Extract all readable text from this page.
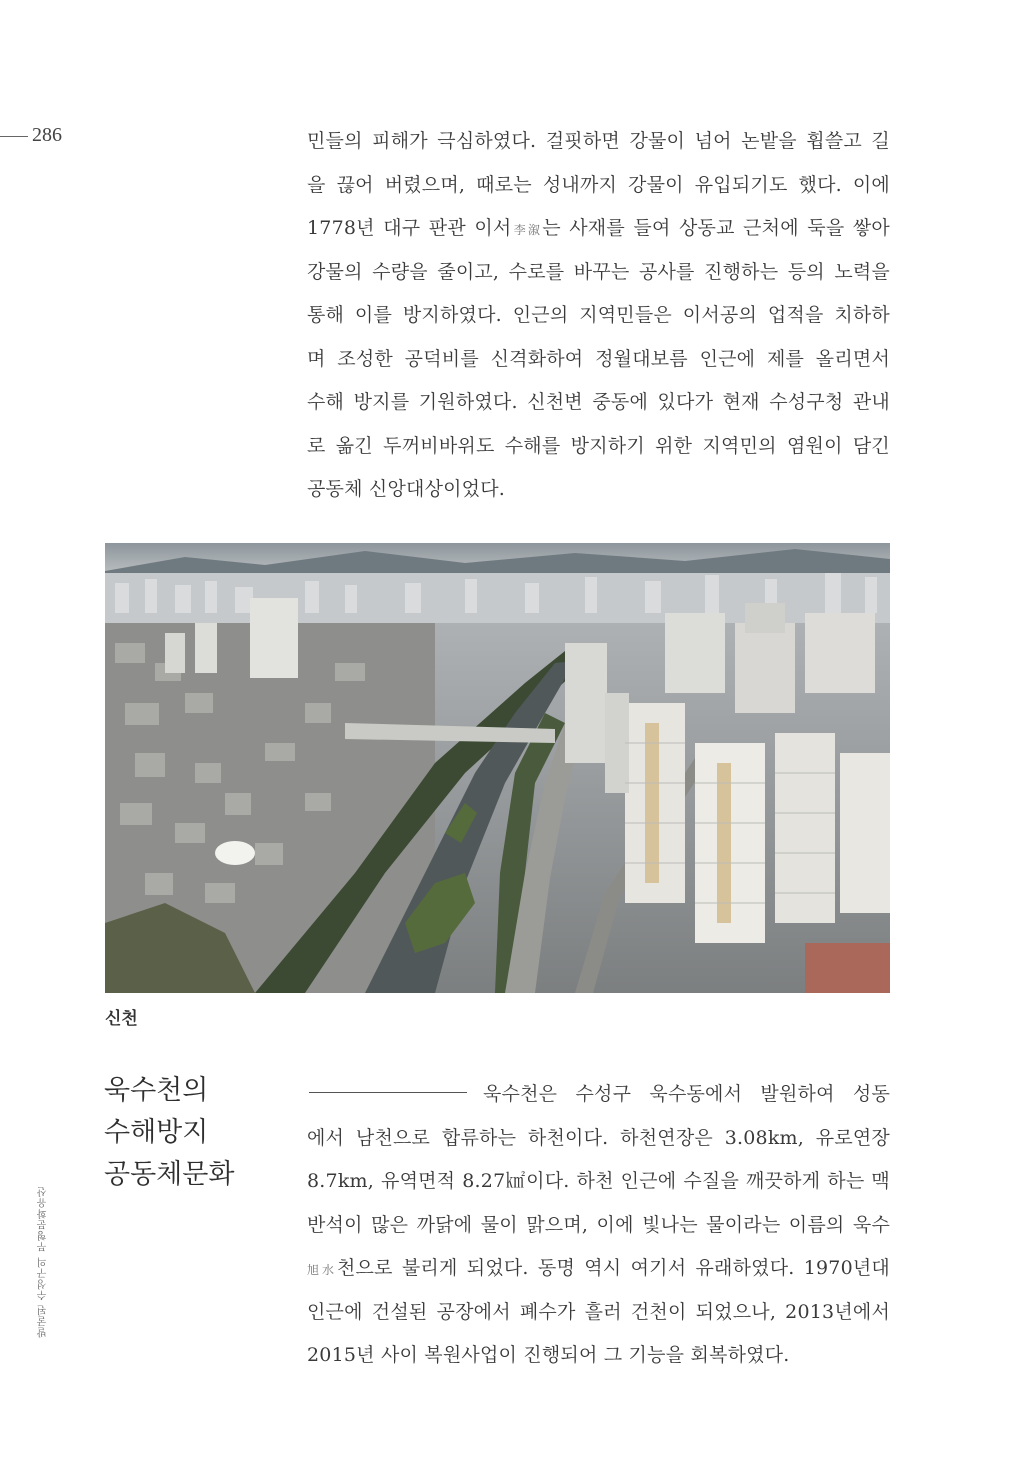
286	민들의 피해가 극심하였다. 걸핏하면 강물이 넘어 논밭을 휩쓸고 길
을 끊어 버렸으며, 때로는 성내까지 강물이 유입되기도 했다. 이에
1778년 대구 판관 이서李溆는 사재를 들여 상동교 근처에 둑을 쌓아
강물의 수량을 줄이고, 수로를 바꾸는 공사를 진행하는 등의 노력을
통해 이를 방지하였다. 인근의 지역민들은 이서공의 업적을 치하하
며 조성한 공덕비를 신격화하여 정월대보름 인근에 제를 올리면서
수해 방지를 기원하였다. 신천변 중동에 있다가 현재 수성구청 관내
로 옮긴 두꺼비바위도 수해를 방지하기 위한 지역민의 염원이 담긴
공동체 신앙대상이었다.
신천
욱수천의
수해방지
공동체문화
욱수천은 수성구 욱수동에서 발원하여 성동
에서 남천으로 합류하는 하천이다. 하천연장은 3.08km, 유로연장
8.7km, 유역면적 8.27㎢이다. 하천 인근에 수질을 깨끗하게 하는 맥
반석이 많은 까닭에 물이 맑으며, 이에 빛나는 물이라는 이름의 욱수
旭水천으로 불리게 되었다. 동명 역시 여기서 유래하였다. 1970년대
인근에 건설된 공장에서 폐수가 흘러 건천이 되었으나, 2013년에서
2015년 사이 복원사업이 진행되어 그 기능을 회복하였다.
발굴된 수성구의 무형문화유산
